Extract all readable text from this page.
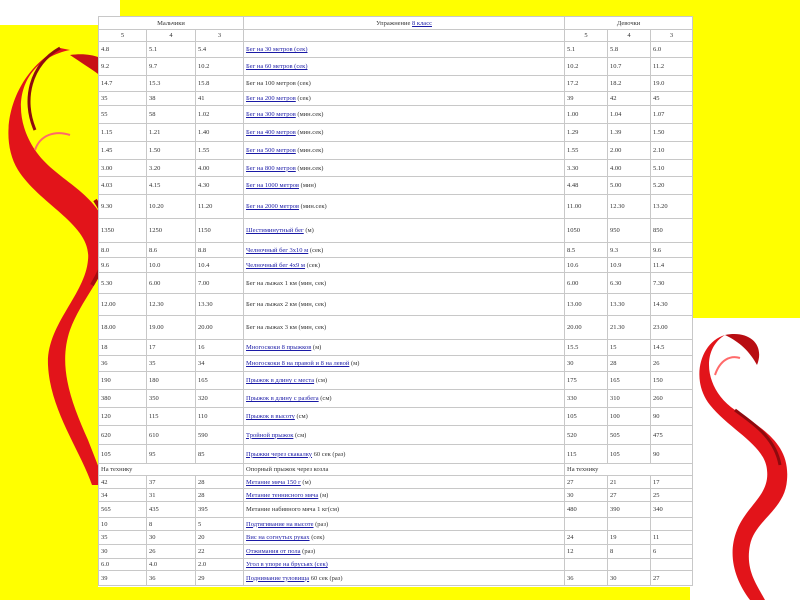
Мальчики			Упражнение 8 класс	Девочки		
5	4	3		5	4	3
4.8	5.1	5.4	Бег на 30 метров (сек)	5.1	5.8	6.0
9.2	9.7	10.2	Бег на 60 метров (сек)	10.2	10.7	11.2
14.7	15.3	15.8	Бег на 100 метров (сек)	17.2	18.2	19.0
35	38	41	Бег на 200 метров (сек)	39	42	45
55	58	1.02	Бег на 300 метров (мин.сек)	1.00	1.04	1.07
1.15	1.21	1.40	Бег на 400 метров (мин.сек)	1.29	1.39	1.50
1.45	1.50	1.55	Бег на 500 метров (мин.сек)	1.55	2.00	2.10
3.00	3.20	4.00	Бег на 800 метров (мин.сек)	3.30	4.00	5.10
4.03	4.15	4.30	Бег на 1000 метров (мин)	4.48	5.00	5.20
9.30	10.20	11.20	Бег на 2000 метров (мин.сек)	11.00	12.30	13.20
1350	1250	1150	Шестиминутный бег (м)	1050	950	850
8.0	8.6	8.8	Челночный бег 3х10 м (сек)	8.5	9.3	9.6
9.6	10.0	10.4	Челночный бег 4х9 м (сек)	10.6	10.9	11.4
5.30	6.00	7.00	Бег на лыжах 1 км (мин, сек)	6.00	6.30	7.30
12.00	12.30	13.30	Бег на лыжах 2 км (мин, сек)	13.00	13.30	14.30
18.00	19.00	20.00	Бег на лыжах 3 км (мин, сек)	20.00	21.30	23.00
18	17	16	Многоскоки 8 прыжков (м)	15.5	15	14.5
36	35	34	Многоскоки 8 на правой и 8 на левой (м)	30	28	26
190	180	165	Прыжок в длину с места (см)	175	165	150
380	350	320	Прыжок в длину с разбега (см)	330	310	260
120	115	110	Прыжок в высоту (см)	105	100	90
620	610	590	Тройной прыжок (см)	520	505	475
105	95	85	Прыжки через скакалку 60 сек (раз)	115	105	90
На технику			Опорный прыжок через козла	На технику		
42	37	28	Метание мяча 150 г (м)	27	21	17
34	31	28	Метание теннисного мяча (м)	30	27	25
565	435	395	Метание набивного мяча 1 кг(см)	480	390	340
10	8	5	Подтягивание на высоте (раз)			
35	30	20	Вис на согнутых руках (сек)	24	19	11
30	26	22	Отжимания от пола (раз)	12	8	6
6.0	4.0	2.0	Угол в упоре на брусьях (сек)			
39	36	29	Поднимание туловища 60 сек (раз)	36	30	27
